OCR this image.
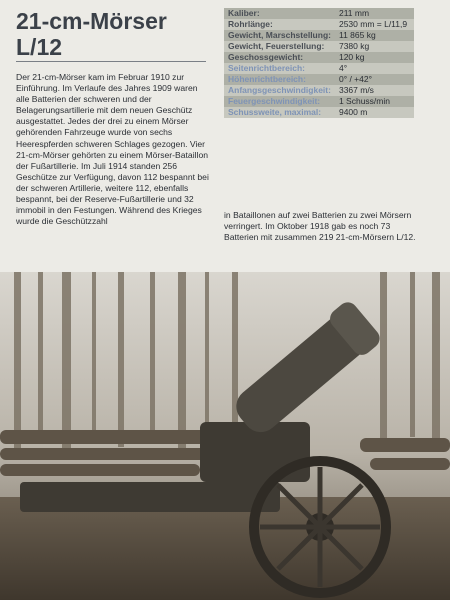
21-cm-Mörser L/12
Kaliber:	211 mm
Rohrlänge:	2530 mm = L/11,9
Gewicht, Marschstellung:	11 865 kg
Gewicht, Feuerstellung:	7380 kg
Geschossgewicht:	120 kg
Seitenrichtbereich:	4°
Höhenrichtbereich:	0° / +42°
Anfangsgeschwindigkeit:	3367 m/s
Feuergeschwindigkeit:	1 Schuss/min
Schussweite, maximal:	9400 m

Der 21-cm-Mörser kam im Februar 1910 zur Einführung. Im Verlaufe des Jahres 1909 waren alle Batterien der schweren und der Belagerungsartillerie mit dem neuen Geschütz ausgestattet. Jedes der drei zu einem Mörser gehörenden Fahrzeuge wurde von sechs Heerespferden schweren Schlages gezogen. Vier 21-cm-Mörser gehörten zu einem Mörser-Bataillon der Fußartillerie. Im Juli 1914 standen 256 Geschütze zur Verfügung, davon 112 bespannt bei der schweren Artillerie, weitere 112, ebenfalls bespannt, bei der Reserve-Fußartillerie und 32 immobil in den Festungen. Während des Krieges wurde die Geschützzahl

in Bataillonen auf zwei Batterien zu zwei Mörsern verringert. Im Oktober 1918 gab es noch 73 Batterien mit zusammen 219 21-cm-Mörsern L/12.
